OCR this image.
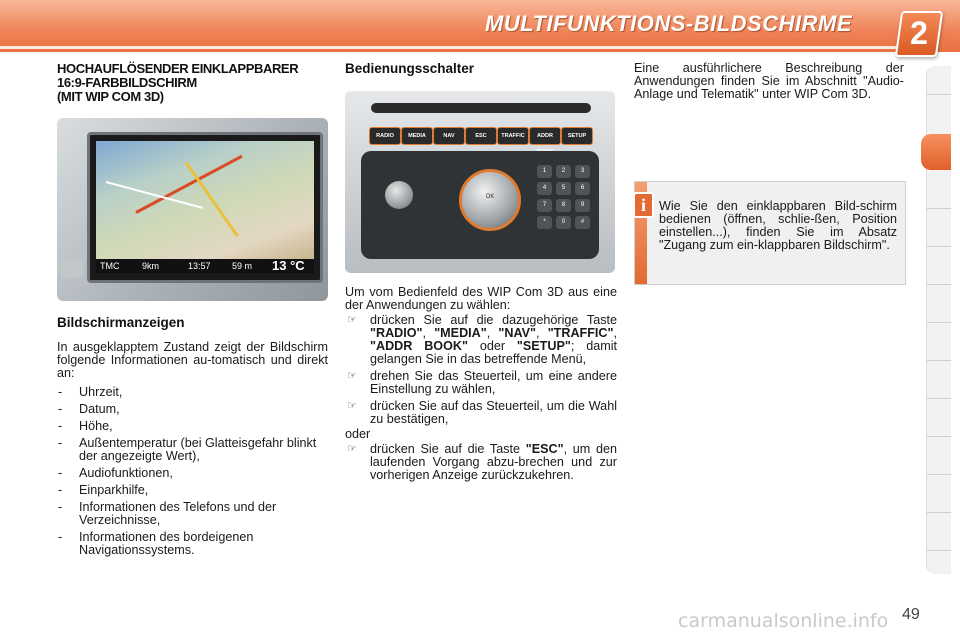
MULTIFUNKTIONS-BILDSCHIRME	2
HOCHAUFLÖSENDER EINKLAPPBARER
16:9-FARBBILDSCHIRM
(MIT WIP COM 3D)
TMC	9km	13:57 59 m 13 °C
Bildschirmanzeigen

In ausgeklapptem Zustand zeigt der Bildschirm folgende Informationen au-tomatisch und direkt an:

- Uhrzeit,
- Datum,
- Höhe,
- Außentemperatur (bei Glatteisgefahr blinkt der angezeigte Wert),
- Audiofunktionen,
- Einparkhilfe,
- Informationen des Telefons und der Verzeichnisse,
- Informationen des bordeigenen Navigationssystems.
Bedienungsschalter
RADIO	MEDIA	NAV	ESC	TRAFFIC	ADDR	SETUP
OK
1	2	3
4	5	6
7	8	9
*	0	#

Um vom Bedienfeld des WIP Com 3D aus eine der Anwendungen zu wählen:

☞ drücken Sie auf die dazugehörige Taste "RADIO", "MEDIA", "NAV", "TRAFFIC", "ADDR BOOK" oder "SETUP"; damit gelangen Sie in das betreffende Menü,
☞ drehen Sie das Steuerteil, um eine andere Einstellung zu wählen,
☞ drücken Sie auf das Steuerteil, um die Wahl zu bestätigen,
oder
☞ drücken Sie auf die Taste "ESC", um den laufenden Vorgang abzu-brechen und zur vorherigen Anzeige zurückzukehren.

Eine ausführlichere Beschreibung der Anwendungen finden Sie im Abschnitt "Audio-Anlage und Telematik" unter WIP Com 3D.

i	Wie Sie den einklappbaren Bild-schirm bedienen (öffnen, schlie-ßen, Position einstellen...), finden Sie im Absatz "Zugang zum ein-klappbaren Bildschirm".
carmanualsonline.info 49
